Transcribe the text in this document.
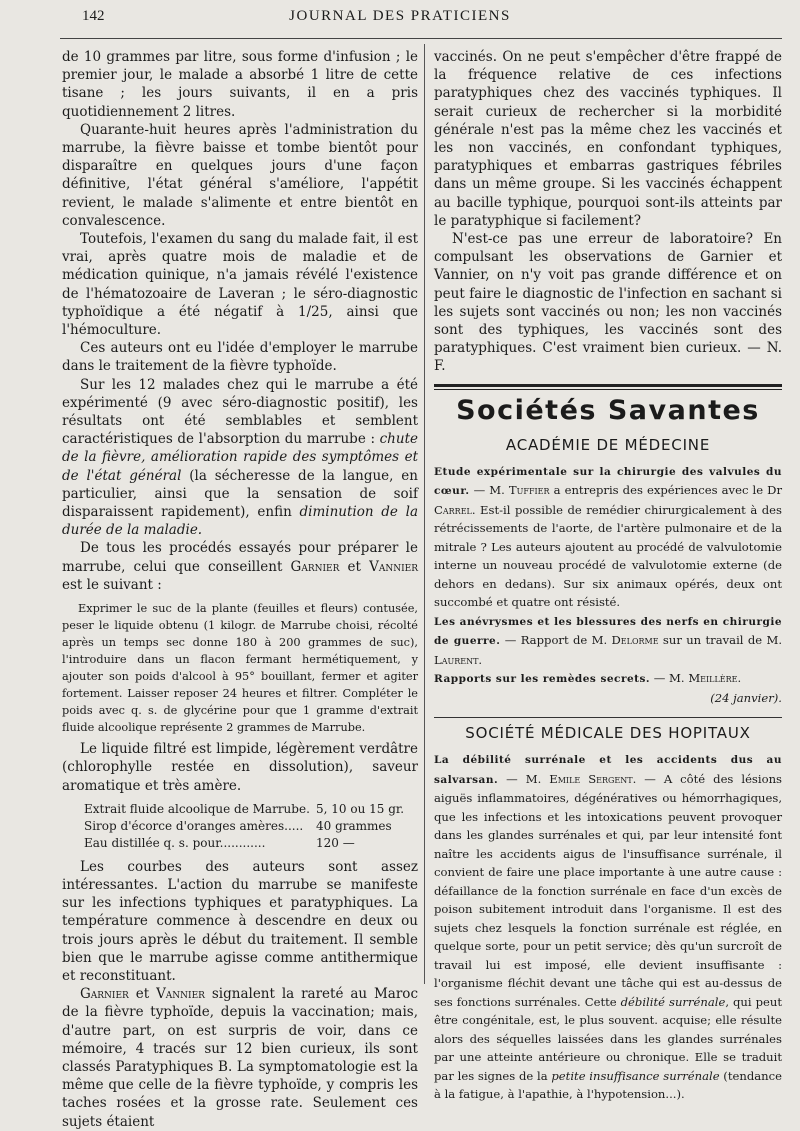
142	JOURNAL DES PRATICIENS

de 10 grammes par litre, sous forme d'infusion ; le premier jour, le malade a absorbé 1 litre de cette tisane ; les jours suivants, il en a pris quotidiennement 2 litres.

Quarante-huit heures après l'administration du marrube, la fièvre baisse et tombe bientôt pour disparaître en quelques jours d'une façon définitive, l'état général s'améliore, l'appétit revient, le malade s'alimente et entre bientôt en convalescence.

Toutefois, l'examen du sang du malade fait, il est vrai, après quatre mois de maladie et de médication quinique, n'a jamais révélé l'existence de l'hématozoaire de Laveran ; le séro-diagnostic typhoïdique a été négatif à 1/25, ainsi que l'hémoculture.

Ces auteurs ont eu l'idée d'employer le marrube dans le traitement de la fièvre typhoïde.

Sur les 12 malades chez qui le marrube a été expérimenté (9 avec séro-diagnostic positif), les résultats ont été semblables et semblent caractéristiques de l'absorption du marrube : chute de la fièvre, amélioration rapide des symptômes et de l'état général (la sécheresse de la langue, en particulier, ainsi que la sensation de soif disparaissent rapidement), enfin diminution de la durée de la maladie.

De tous les procédés essayés pour préparer le marrube, celui que conseillent Garnier et Vannier est le suivant :

Exprimer le suc de la plante (feuilles et fleurs) contusée, peser le liquide obtenu (1 kilogr. de Marrube choisi, récolté après un temps sec donne 180 à 200 grammes de suc), l'introduire dans un flacon fermant hermétiquement, y ajouter son poids d'alcool à 95° bouillant, fermer et agiter fortement. Laisser reposer 24 heures et filtrer. Compléter le poids avec q. s. de glycérine pour que 1 gramme d'extrait fluide alcoolique représente 2 grammes de Marrube.

Le liquide filtré est limpide, légèrement verdâtre (chlorophylle restée en dissolution), saveur aromatique et très amère.

Extrait fluide alcoolique de Marrube. 5, 10 ou 15 gr.
Sirop d'écorce d'oranges amères.....	40 grammes
Eau distillée q. s. pour............	120 —

Les courbes des auteurs sont assez intéressantes. L'action du marrube se manifeste sur les infections typhiques et paratyphiques. La température commence à descendre en deux ou trois jours après le début du traitement. Il semble bien que le marrube agisse comme antithermique et reconstituant.

Garnier et Vannier signalent la rareté au Maroc de la fièvre typhoïde, depuis la vaccination; mais, d'autre part, on est surpris de voir, dans ce mémoire, 4 tracés sur 12 bien curieux, ils sont classés Paratyphiques B. La symptomatologie est la même que celle de la fièvre typhoïde, y compris les taches rosées et la grosse rate. Seulement ces sujets étaient

vaccinés. On ne peut s'empêcher d'être frappé de la fréquence relative de ces infections paratyphiques chez des vaccinés typhiques. Il serait curieux de rechercher si la morbidité générale n'est pas la même chez les vaccinés et les non vaccinés, en confondant typhiques, paratyphiques et embarras gastriques fébriles dans un même groupe. Si les vaccinés échappent au bacille typhique, pourquoi sont-ils atteints par le paratyphique si facilement?

N'est-ce pas une erreur de laboratoire? En compulsant les observations de Garnier et Vannier, on n'y voit pas grande différence et on peut faire le diagnostic de l'infection en sachant si les sujets sont vaccinés ou non; les non vaccinés sont des typhiques, les vaccinés sont des paratyphiques. C'est vraiment bien curieux. — N. F.

Sociétés Savantes
ACADÉMIE DE MÉDECINE

Etude expérimentale sur la chirurgie des valvules du cœur. — M. Tuffier a entrepris des expériences avec le Dr Carrel. Est-il possible de remédier chirurgicalement à des rétrécissements de l'aorte, de l'artère pulmonaire et de la mitrale ? Les auteurs ajoutent au procédé de valvulotomie interne un nouveau procédé de valvulotomie externe (de dehors en dedans). Sur six animaux opérés, deux ont succombé et quatre ont résisté.

Les anévrysmes et les blessures des nerfs en chirurgie de guerre. — Rapport de M. Delorme sur un travail de M. Laurent.

Rapports sur les remèdes secrets. — M. Meillère.

(24 janvier).

SOCIÉTÉ MÉDICALE DES HOPITAUX

La débilité surrénale et les accidents dus au salvarsan. — M. Emile Sergent. — A côté des lésions aiguës inflammatoires, dégénératives ou hémorrhagiques, que les infections et les intoxications peuvent provoquer dans les glandes surrénales et qui, par leur intensité font naître les accidents aigus de l'insuffisance surrénale, il convient de faire une place importante à une autre cause : défaillance de la fonction surrénale en face d'un excès de poison subitement introduit dans l'organisme. Il est des sujets chez lesquels la fonction surrénale est réglée, en quelque sorte, pour un petit service; dès qu'un surcroît de travail lui est imposé, elle devient insuffisante : l'organisme fléchit devant une tâche qui est au-dessus de ses fonctions surrénales. Cette débilité surrénale, qui peut être congénitale, est, le plus souvent. acquise; elle résulte alors des séquelles laissées dans les glandes surrénales par une atteinte antérieure ou chronique. Elle se traduit par les signes de la petite insuffisance surrénale (tendance à la fatigue, à l'apathie, à l'hypotension...).
